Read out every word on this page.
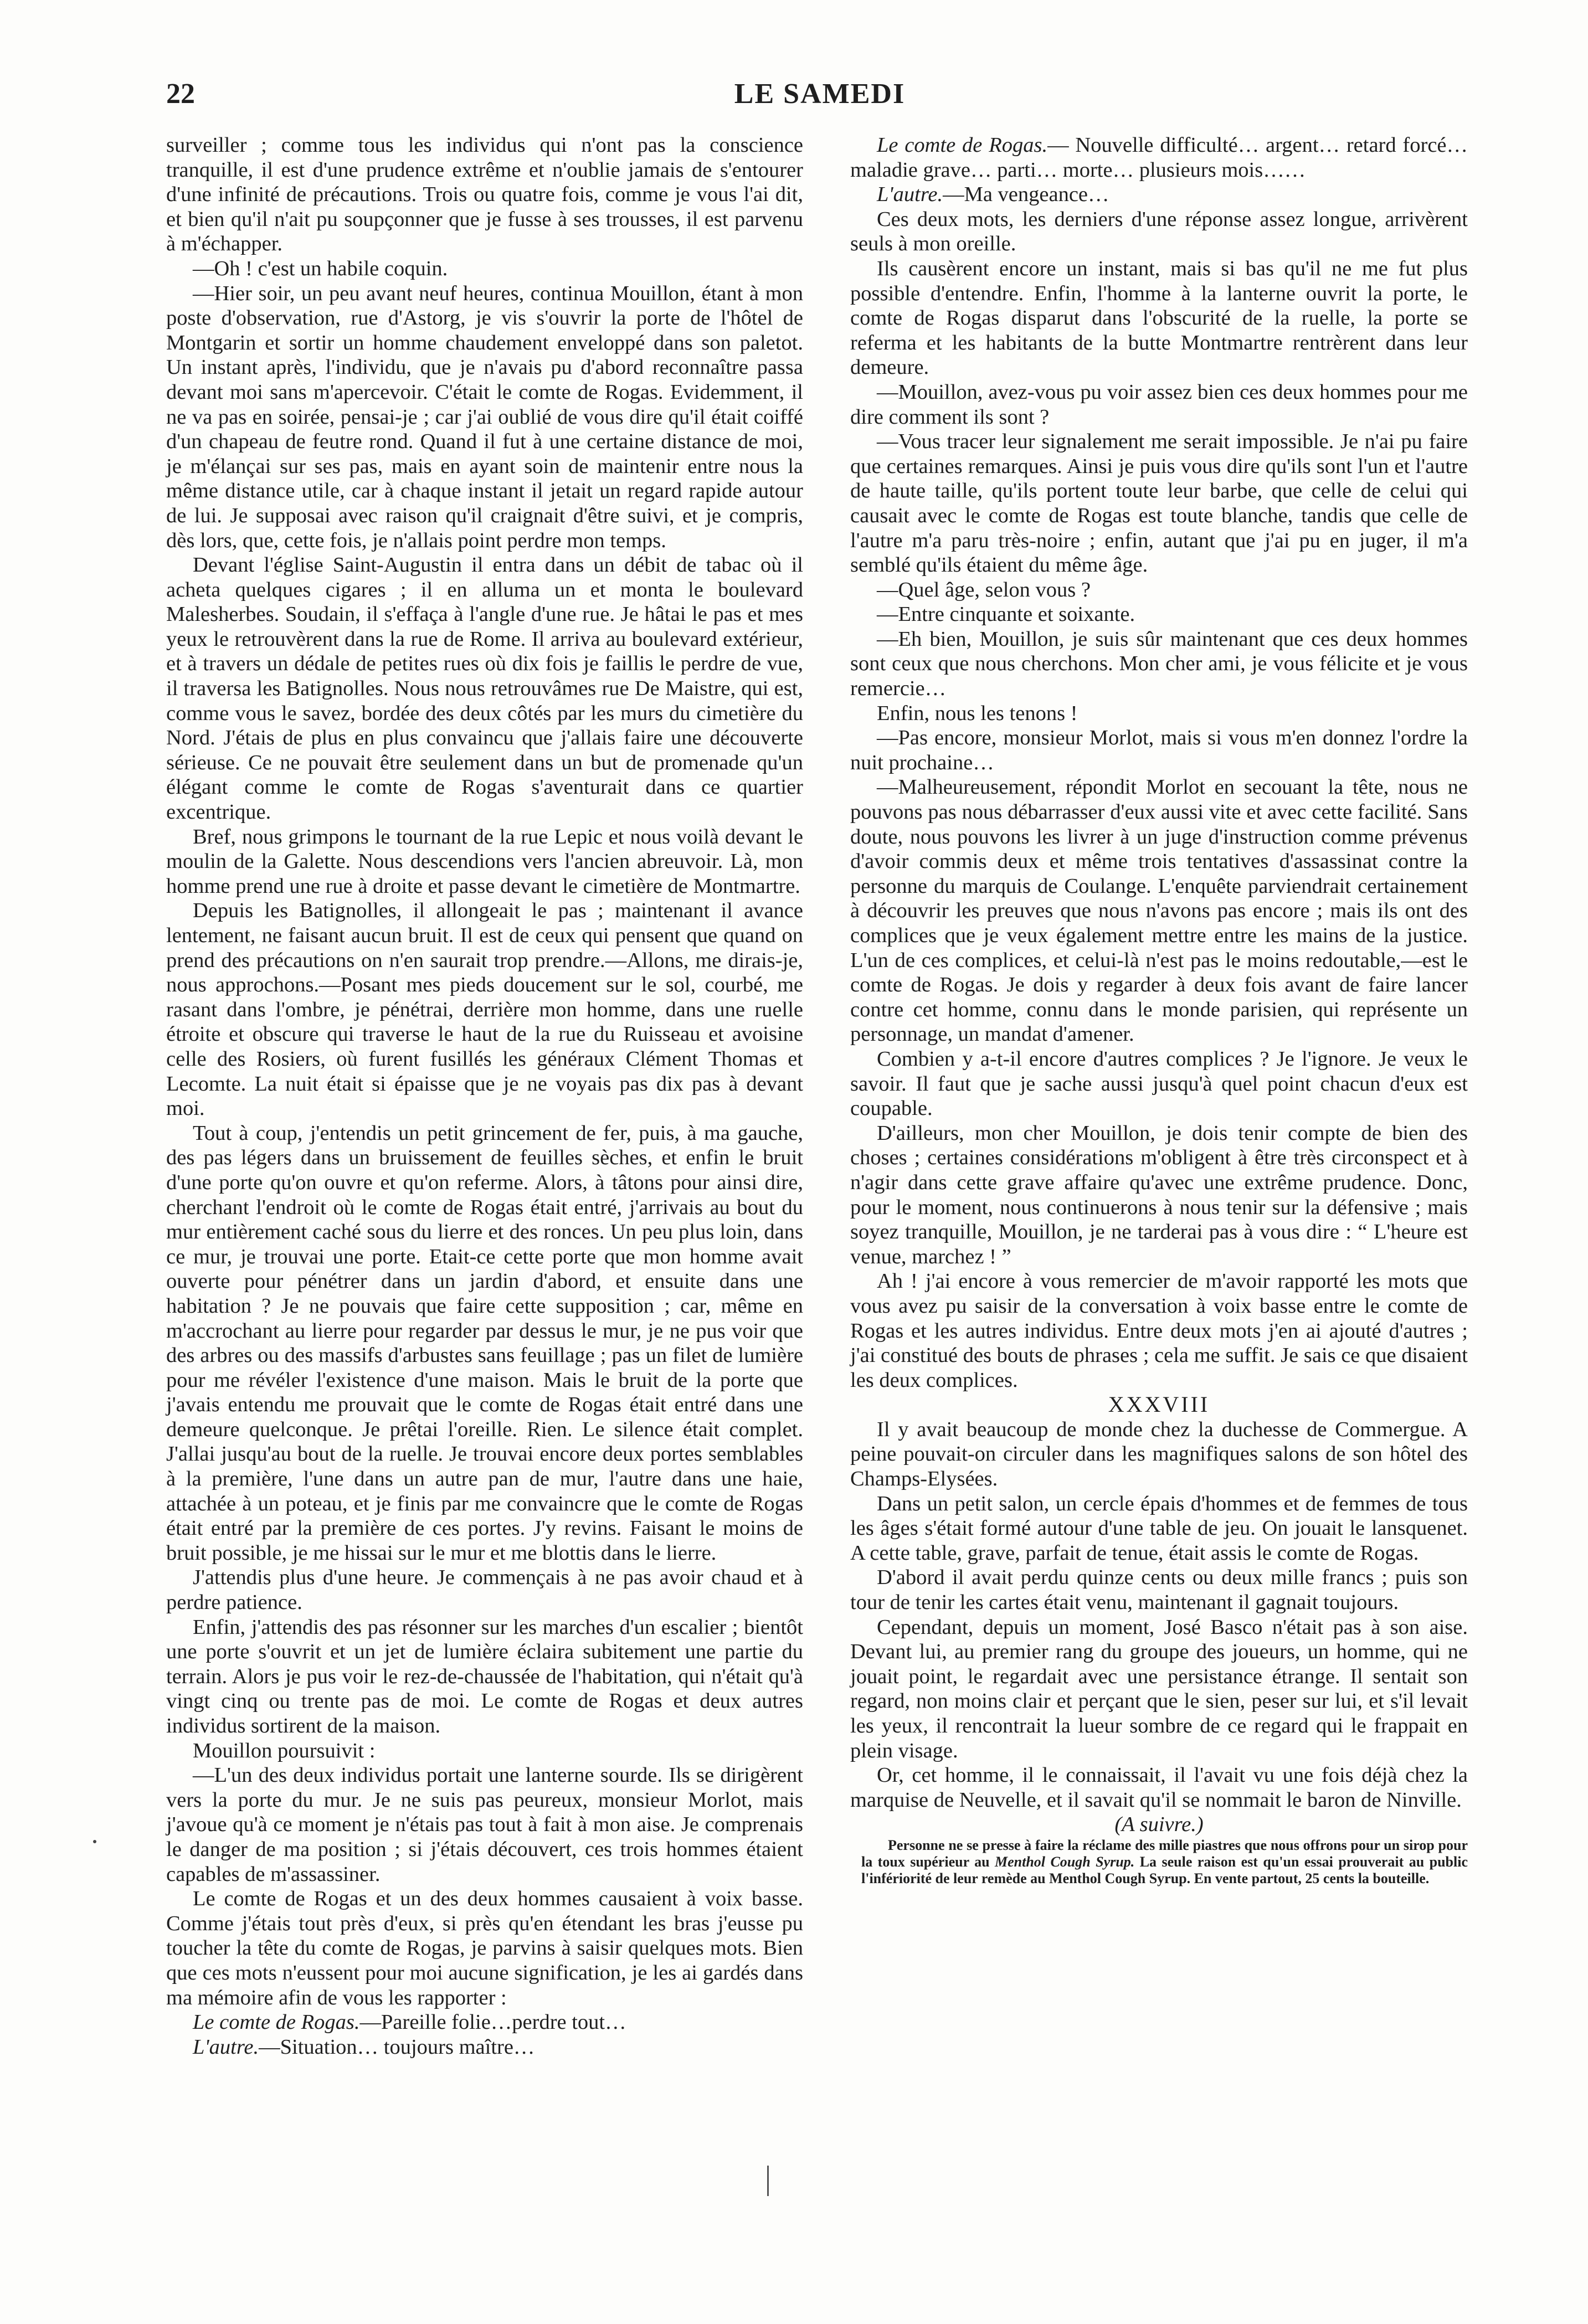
22	LE SAMEDI

surveiller ; comme tous les individus qui n'ont pas la conscience tranquille, il est d'une prudence extrême et n'oublie jamais de s'entourer d'une infinité de précautions. Trois ou quatre fois, comme je vous l'ai dit, et bien qu'il n'ait pu soupçonner que je fusse à ses trousses, il est parvenu à m'échapper.

—Oh ! c'est un habile coquin.

—Hier soir, un peu avant neuf heures, continua Mouillon, étant à mon poste d'observation, rue d'Astorg, je vis s'ouvrir la porte de l'hôtel de Montgarin et sortir un homme chaudement enveloppé dans son paletot. Un instant après, l'individu, que je n'avais pu d'abord reconnaître passa devant moi sans m'apercevoir. C'était le comte de Rogas. Evidemment, il ne va pas en soirée, pensai-je ; car j'ai oublié de vous dire qu'il était coiffé d'un chapeau de feutre rond. Quand il fut à une certaine distance de moi, je m'élançai sur ses pas, mais en ayant soin de maintenir entre nous la même distance utile, car à chaque instant il jetait un regard rapide autour de lui. Je supposai avec raison qu'il craignait d'être suivi, et je compris, dès lors, que, cette fois, je n'allais point perdre mon temps.

Devant l'église Saint-Augustin il entra dans un débit de tabac où il acheta quelques cigares ; il en alluma un et monta le boulevard Malesherbes. Soudain, il s'effaça à l'angle d'une rue. Je hâtai le pas et mes yeux le retrouvèrent dans la rue de Rome. Il arriva au boulevard extérieur, et à travers un dédale de petites rues où dix fois je faillis le perdre de vue, il traversa les Batignolles. Nous nous retrouvâmes rue De Maistre, qui est, comme vous le savez, bordée des deux côtés par les murs du cimetière du Nord. J'étais de plus en plus convaincu que j'allais faire une découverte sérieuse. Ce ne pouvait être seulement dans un but de promenade qu'un élégant comme le comte de Rogas s'aventurait dans ce quartier excentrique.

Bref, nous grimpons le tournant de la rue Lepic et nous voilà devant le moulin de la Galette. Nous descendions vers l'ancien abreuvoir. Là, mon homme prend une rue à droite et passe devant le cimetière de Montmartre.

Depuis les Batignolles, il allongeait le pas ; maintenant il avance lentement, ne faisant aucun bruit. Il est de ceux qui pensent que quand on prend des précautions on n'en saurait trop prendre.—Allons, me dirais-je, nous approchons.—Posant mes pieds doucement sur le sol, courbé, me rasant dans l'ombre, je pénétrai, derrière mon homme, dans une ruelle étroite et obscure qui traverse le haut de la rue du Ruisseau et avoisine celle des Rosiers, où furent fusillés les généraux Clément Thomas et Lecomte. La nuit était si épaisse que je ne voyais pas dix pas à devant moi.

Tout à coup, j'entendis un petit grincement de fer, puis, à ma gauche, des pas légers dans un bruissement de feuilles sèches, et enfin le bruit d'une porte qu'on ouvre et qu'on referme. Alors, à tâtons pour ainsi dire, cherchant l'endroit où le comte de Rogas était entré, j'arrivais au bout du mur entièrement caché sous du lierre et des ronces. Un peu plus loin, dans ce mur, je trouvai une porte. Etait-ce cette porte que mon homme avait ouverte pour pénétrer dans un jardin d'abord, et ensuite dans une habitation ? Je ne pouvais que faire cette supposition ; car, même en m'accrochant au lierre pour regarder par dessus le mur, je ne pus voir que des arbres ou des massifs d'arbustes sans feuillage ; pas un filet de lumière pour me révéler l'existence d'une maison. Mais le bruit de la porte que j'avais entendu me prouvait que le comte de Rogas était entré dans une demeure quelconque. Je prêtai l'oreille. Rien. Le silence était complet. J'allai jusqu'au bout de la ruelle. Je trouvai encore deux portes semblables à la première, l'une dans un autre pan de mur, l'autre dans une haie, attachée à un poteau, et je finis par me convaincre que le comte de Rogas était entré par la première de ces portes. J'y revins. Faisant le moins de bruit possible, je me hissai sur le mur et me blottis dans le lierre.

J'attendis plus d'une heure. Je commençais à ne pas avoir chaud et à perdre patience.

Enfin, j'attendis des pas résonner sur les marches d'un escalier ; bientôt une porte s'ouvrit et un jet de lumière éclaira subitement une partie du terrain. Alors je pus voir le rez-de-chaussée de l'habitation, qui n'était qu'à vingt cinq ou trente pas de moi. Le comte de Rogas et deux autres individus sortirent de la maison.

Mouillon poursuivit :

—L'un des deux individus portait une lanterne sourde. Ils se dirigèrent vers la porte du mur. Je ne suis pas peureux, monsieur Morlot, mais j'avoue qu'à ce moment je n'étais pas tout à fait à mon aise. Je comprenais le danger de ma position ; si j'étais découvert, ces trois hommes étaient capables de m'assassiner.

Le comte de Rogas et un des deux hommes causaient à voix basse. Comme j'étais tout près d'eux, si près qu'en étendant les bras j'eusse pu toucher la tête du comte de Rogas, je parvins à saisir quelques mots. Bien que ces mots n'eussent pour moi aucune signification, je les ai gardés dans ma mémoire afin de vous les rapporter :

Le comte de Rogas.—Pareille folie…perdre tout…

L'autre.—Situation… toujours maître…

Le comte de Rogas.— Nouvelle difficulté… argent… retard forcé… maladie grave… parti… morte… plusieurs mois……

L'autre.—Ma vengeance…

Ces deux mots, les derniers d'une réponse assez longue, arrivèrent seuls à mon oreille.

Ils causèrent encore un instant, mais si bas qu'il ne me fut plus possible d'entendre. Enfin, l'homme à la lanterne ouvrit la porte, le comte de Rogas disparut dans l'obscurité de la ruelle, la porte se referma et les habitants de la butte Montmartre rentrèrent dans leur demeure.

—Mouillon, avez-vous pu voir assez bien ces deux hommes pour me dire comment ils sont ?

—Vous tracer leur signalement me serait impossible. Je n'ai pu faire que certaines remarques. Ainsi je puis vous dire qu'ils sont l'un et l'autre de haute taille, qu'ils portent toute leur barbe, que celle de celui qui causait avec le comte de Rogas est toute blanche, tandis que celle de l'autre m'a paru très-noire ; enfin, autant que j'ai pu en juger, il m'a semblé qu'ils étaient du même âge.

—Quel âge, selon vous ?

—Entre cinquante et soixante.

—Eh bien, Mouillon, je suis sûr maintenant que ces deux hommes sont ceux que nous cherchons. Mon cher ami, je vous félicite et je vous remercie…

Enfin, nous les tenons !

—Pas encore, monsieur Morlot, mais si vous m'en donnez l'ordre la nuit prochaine…

—Malheureusement, répondit Morlot en secouant la tête, nous ne pouvons pas nous débarrasser d'eux aussi vite et avec cette facilité. Sans doute, nous pouvons les livrer à un juge d'instruction comme prévenus d'avoir commis deux et même trois tentatives d'assassinat contre la personne du marquis de Coulange. L'enquête parviendrait certainement à découvrir les preuves que nous n'avons pas encore ; mais ils ont des complices que je veux également mettre entre les mains de la justice. L'un de ces complices, et celui-là n'est pas le moins redoutable,—est le comte de Rogas. Je dois y regarder à deux fois avant de faire lancer contre cet homme, connu dans le monde parisien, qui représente un personnage, un mandat d'amener.

Combien y a-t-il encore d'autres complices ? Je l'ignore. Je veux le savoir. Il faut que je sache aussi jusqu'à quel point chacun d'eux est coupable.

D'ailleurs, mon cher Mouillon, je dois tenir compte de bien des choses ; certaines considérations m'obligent à être très circonspect et à n'agir dans cette grave affaire qu'avec une extrême prudence. Donc, pour le moment, nous continuerons à nous tenir sur la défensive ; mais soyez tranquille, Mouillon, je ne tarderai pas à vous dire : “ L'heure est venue, marchez ! ”

Ah ! j'ai encore à vous remercier de m'avoir rapporté les mots que vous avez pu saisir de la conversation à voix basse entre le comte de Rogas et les autres individus. Entre deux mots j'en ai ajouté d'autres ; j'ai constitué des bouts de phrases ; cela me suffit. Je sais ce que disaient les deux complices.

XXXVIII

Il y avait beaucoup de monde chez la duchesse de Commergue. A peine pouvait-on circuler dans les magnifiques salons de son hôtel des Champs-Elysées.

Dans un petit salon, un cercle épais d'hommes et de femmes de tous les âges s'était formé autour d'une table de jeu. On jouait le lansquenet. A cette table, grave, parfait de tenue, était assis le comte de Rogas.

D'abord il avait perdu quinze cents ou deux mille francs ; puis son tour de tenir les cartes était venu, maintenant il gagnait toujours.

Cependant, depuis un moment, José Basco n'était pas à son aise. Devant lui, au premier rang du groupe des joueurs, un homme, qui ne jouait point, le regardait avec une persistance étrange. Il sentait son regard, non moins clair et perçant que le sien, peser sur lui, et s'il levait les yeux, il rencontrait la lueur sombre de ce regard qui le frappait en plein visage.

Or, cet homme, il le connaissait, il l'avait vu une fois déjà chez la marquise de Neuvelle, et il savait qu'il se nommait le baron de Ninville.

(A suivre.)

Personne ne se presse à faire la réclame des mille piastres que nous offrons pour un sirop pour la toux supérieur au Menthol Cough Syrup. La seule raison est qu'un essai prouverait au public l'infériorité de leur remède au Menthol Cough Syrup. En vente partout, 25 cents la bouteille.
